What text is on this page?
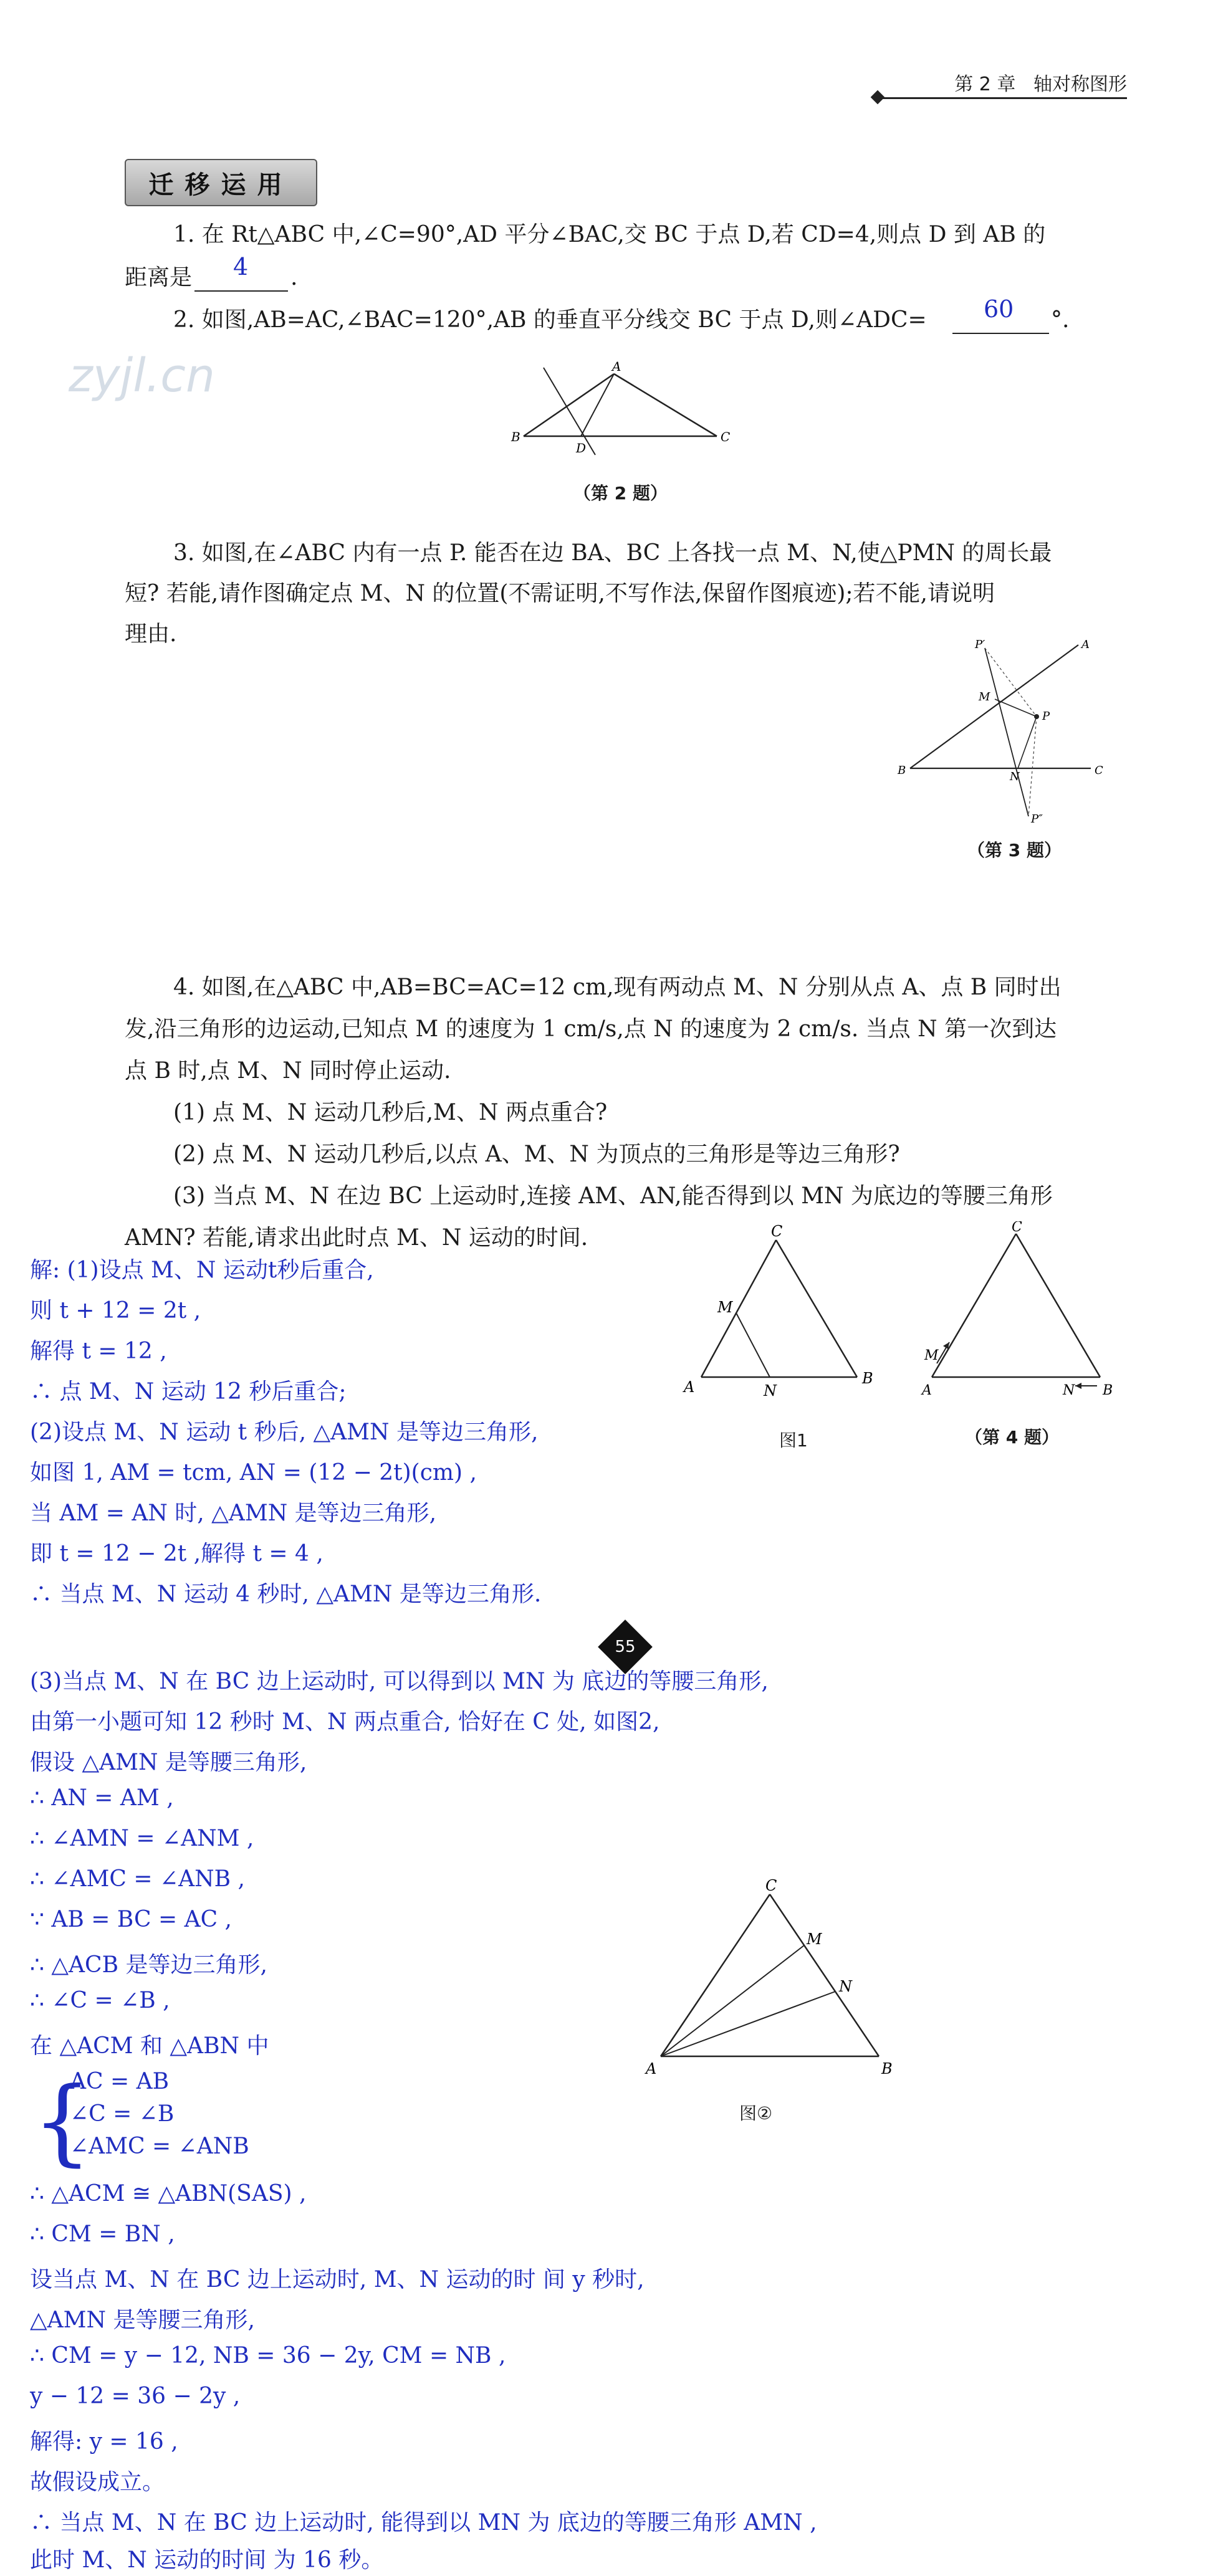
第 2 章 轴对称图形
迁移运用
zyjl.cn
1. 在 Rt△ABC 中,∠C=90°,AD 平分∠BAC,交 BC 于点 D,若 CD=4,则点 D 到 AB 的
距离是 4 .
2. 如图,AB=AC,∠BAC=120°,AB 的垂直平分线交 BC 于点 D,则∠ADC= 60 °.
A
B	C
D
（第 2 题）
3. 如图,在∠ABC 内有一点 P. 能否在边 BA、BC 上各找一点 M、N,使△PMN 的周长最
短? 若能,请作图确定点 M、N 的位置(不需证明,不写作法,保留作图痕迹);若不能,请说明
理由.	P′	A
M
P
B	N	C
P″
（第 3 题）
4. 如图,在△ABC 中,AB=BC=AC=12 cm,现有两动点 M、N 分别从点 A、点 B 同时出
发,沿三角形的边运动,已知点 M 的速度为 1 cm/s,点 N 的速度为 2 cm/s. 当点 N 第一次到达
点 B 时,点 M、N 同时停止运动.
(1) 点 M、N 运动几秒后,M、N 两点重合?
(2) 点 M、N 运动几秒后,以点 A、M、N 为顶点的三角形是等边三角形?
(3) 当点 M、N 在边 BC 上运动时,连接 AM、AN,能否得到以 MN 为底边的等腰三角形
AMN? 若能,请求出此时点 M、N 运动的时间.	C
M
A	N
B
图1
C
M
A	N B
（第 4 题）
解: (1)设点 M、N 运动t秒后重合,
则 t + 12 = 2t ,
解得 t = 12 ,
∴ 点 M、N 运动 12 秒后重合;
(2)设点 M、N 运动 t 秒后, △AMN 是等边三角形,
如图 1, AM = tcm, AN = (12 − 2t)(cm) ,
当 AM = AN 时, △AMN 是等边三角形,
即 t = 12 − 2t ,解得 t = 4 ,
∴ 当点 M、N 运动 4 秒时, △AMN 是等边三角形.
55
(3)当点 M、N 在 BC 边上运动时, 可以得到以 MN 为 底边的等腰三角形,
由第一小题可知 12 秒时 M、N 两点重合, 恰好在 C 处, 如图2,
假设 △AMN 是等腰三角形,
∴ AN = AM ,
∴ ∠AMN = ∠ANM ,
∴ ∠AMC = ∠ANB ,
∵ AB = BC = AC ,
∴ △ACB 是等边三角形,
∴ ∠C = ∠B ,
在 △ACM 和 △ABN 中
{
AC = AB
∠C = ∠B
∠AMC = ∠ANB
C
M
N
A	B
图②
∴ △ACM ≅ △ABN(SAS) ,
∴ CM = BN ,
设当点 M、N 在 BC 边上运动时, M、N 运动的时 间 y 秒时,
△AMN 是等腰三角形,
∴ CM = y − 12, NB = 36 − 2y, CM = NB ,
y − 12 = 36 − 2y ,
解得: y = 16 ,
故假设成立。
∴ 当点 M、N 在 BC 边上运动时, 能得到以 MN 为 底边的等腰三角形 AMN ,
此时 M、N 运动的时间 为 16 秒。
